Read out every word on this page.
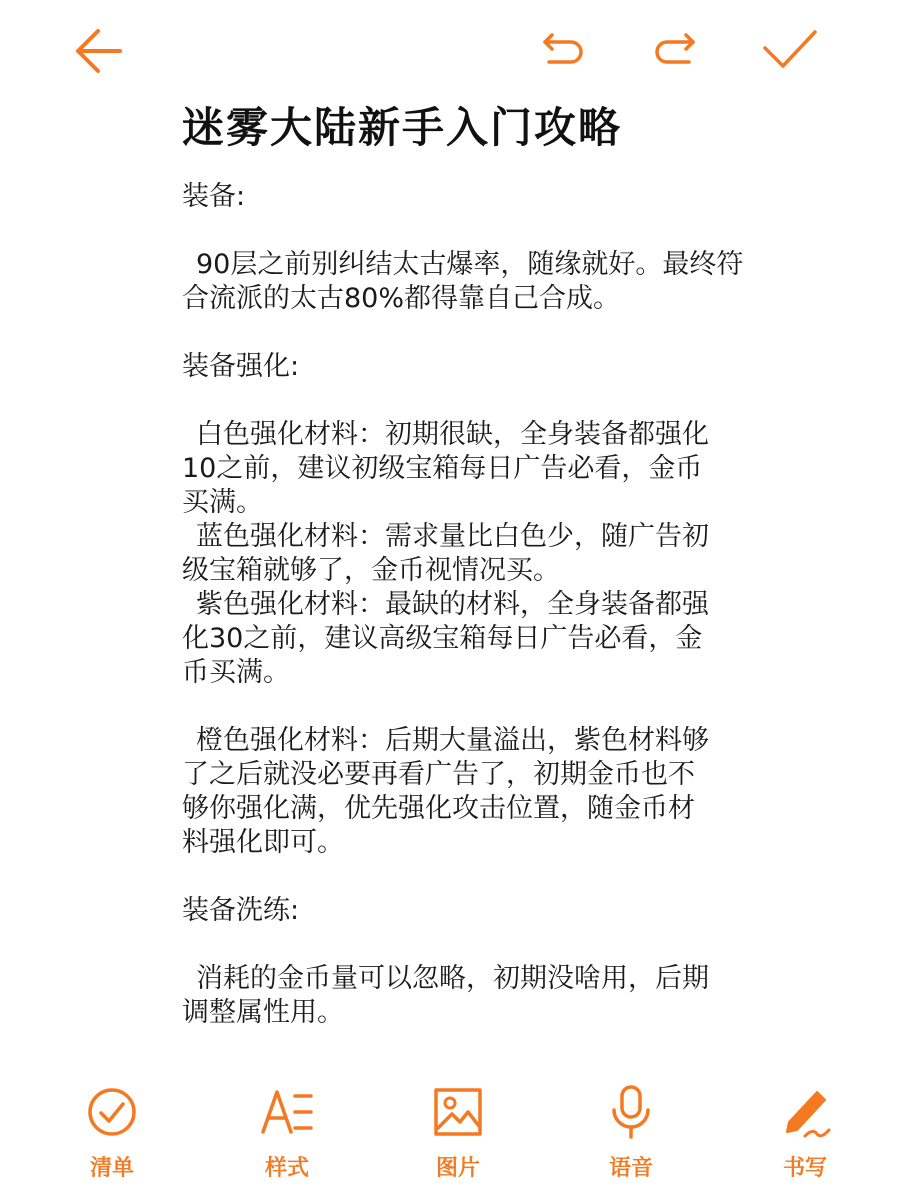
迷雾大陆新手入门攻略
装备:
90层之前别纠结太古爆率，随缘就好。最终符
合流派的太古80%都得靠自己合成。
装备强化:
白色强化材料：初期很缺，全身装备都强化
10之前，建议初级宝箱每日广告必看，金币
买满。
蓝色强化材料：需求量比白色少，随广告初
级宝箱就够了，金币视情况买。
紫色强化材料：最缺的材料，全身装备都强
化30之前，建议高级宝箱每日广告必看，金
币买满。
橙色强化材料：后期大量溢出，紫色材料够
了之后就没必要再看广告了，初期金币也不
够你强化满，优先强化攻击位置，随金币材
料强化即可。
装备洗练:
消耗的金币量可以忽略，初期没啥用，后期
调整属性用。
清单	样式	图片	语音	书写
